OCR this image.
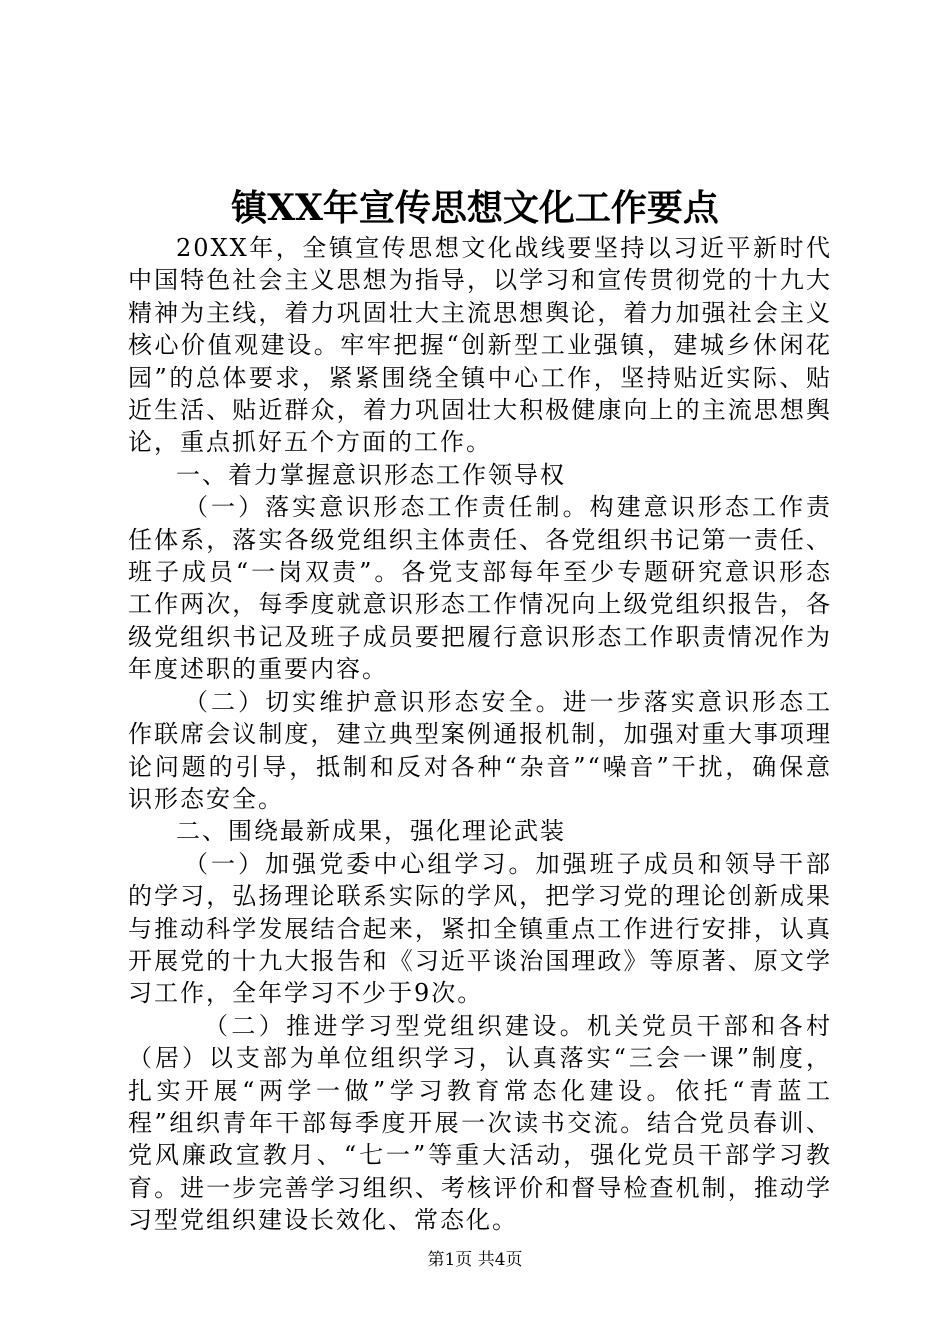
镇XX年宣传思想文化工作要点

20XX年，全镇宣传思想文化战线要坚持以习近平新时代中国特色社会主义思想为指导，以学习和宣传贯彻党的十九大精神为主线，着力巩固壮大主流思想舆论，着力加强社会主义核心价值观建设。牢牢把握“创新型工业强镇，建城乡休闲花园”的总体要求，紧紧围绕全镇中心工作，坚持贴近实际、贴近生活、贴近群众，着力巩固壮大积极健康向上的主流思想舆论，重点抓好五个方面的工作。

一、着力掌握意识形态工作领导权

（一）落实意识形态工作责任制。构建意识形态工作责任体系，落实各级党组织主体责任、各党组织书记第一责任、班子成员“一岗双责”。各党支部每年至少专题研究意识形态工作两次，每季度就意识形态工作情况向上级党组织报告，各级党组织书记及班子成员要把履行意识形态工作职责情况作为年度述职的重要内容。

（二）切实维护意识形态安全。进一步落实意识形态工作联席会议制度，建立典型案例通报机制，加强对重大事项理论问题的引导，抵制和反对各种“杂音”“噪音”干扰，确保意识形态安全。

二、围绕最新成果，强化理论武装

（一）加强党委中心组学习。加强班子成员和领导干部的学习，弘扬理论联系实际的学风，把学习党的理论创新成果与推动科学发展结合起来，紧扣全镇重点工作进行安排，认真开展党的十九大报告和《习近平谈治国理政》等原著、原文学习工作，全年学习不少于9次。

（二）推进学习型党组织建设。机关党员干部和各村（居）以支部为单位组织学习，认真落实“三会一课”制度，扎实开展“两学一做”学习教育常态化建设。依托“青蓝工程”组织青年干部每季度开展一次读书交流。结合党员春训、党风廉政宣教月、“七一”等重大活动，强化党员干部学习教育。进一步完善学习组织、考核评价和督导检查机制，推动学习型党组织建设长效化、常态化。

第1页 共4页
